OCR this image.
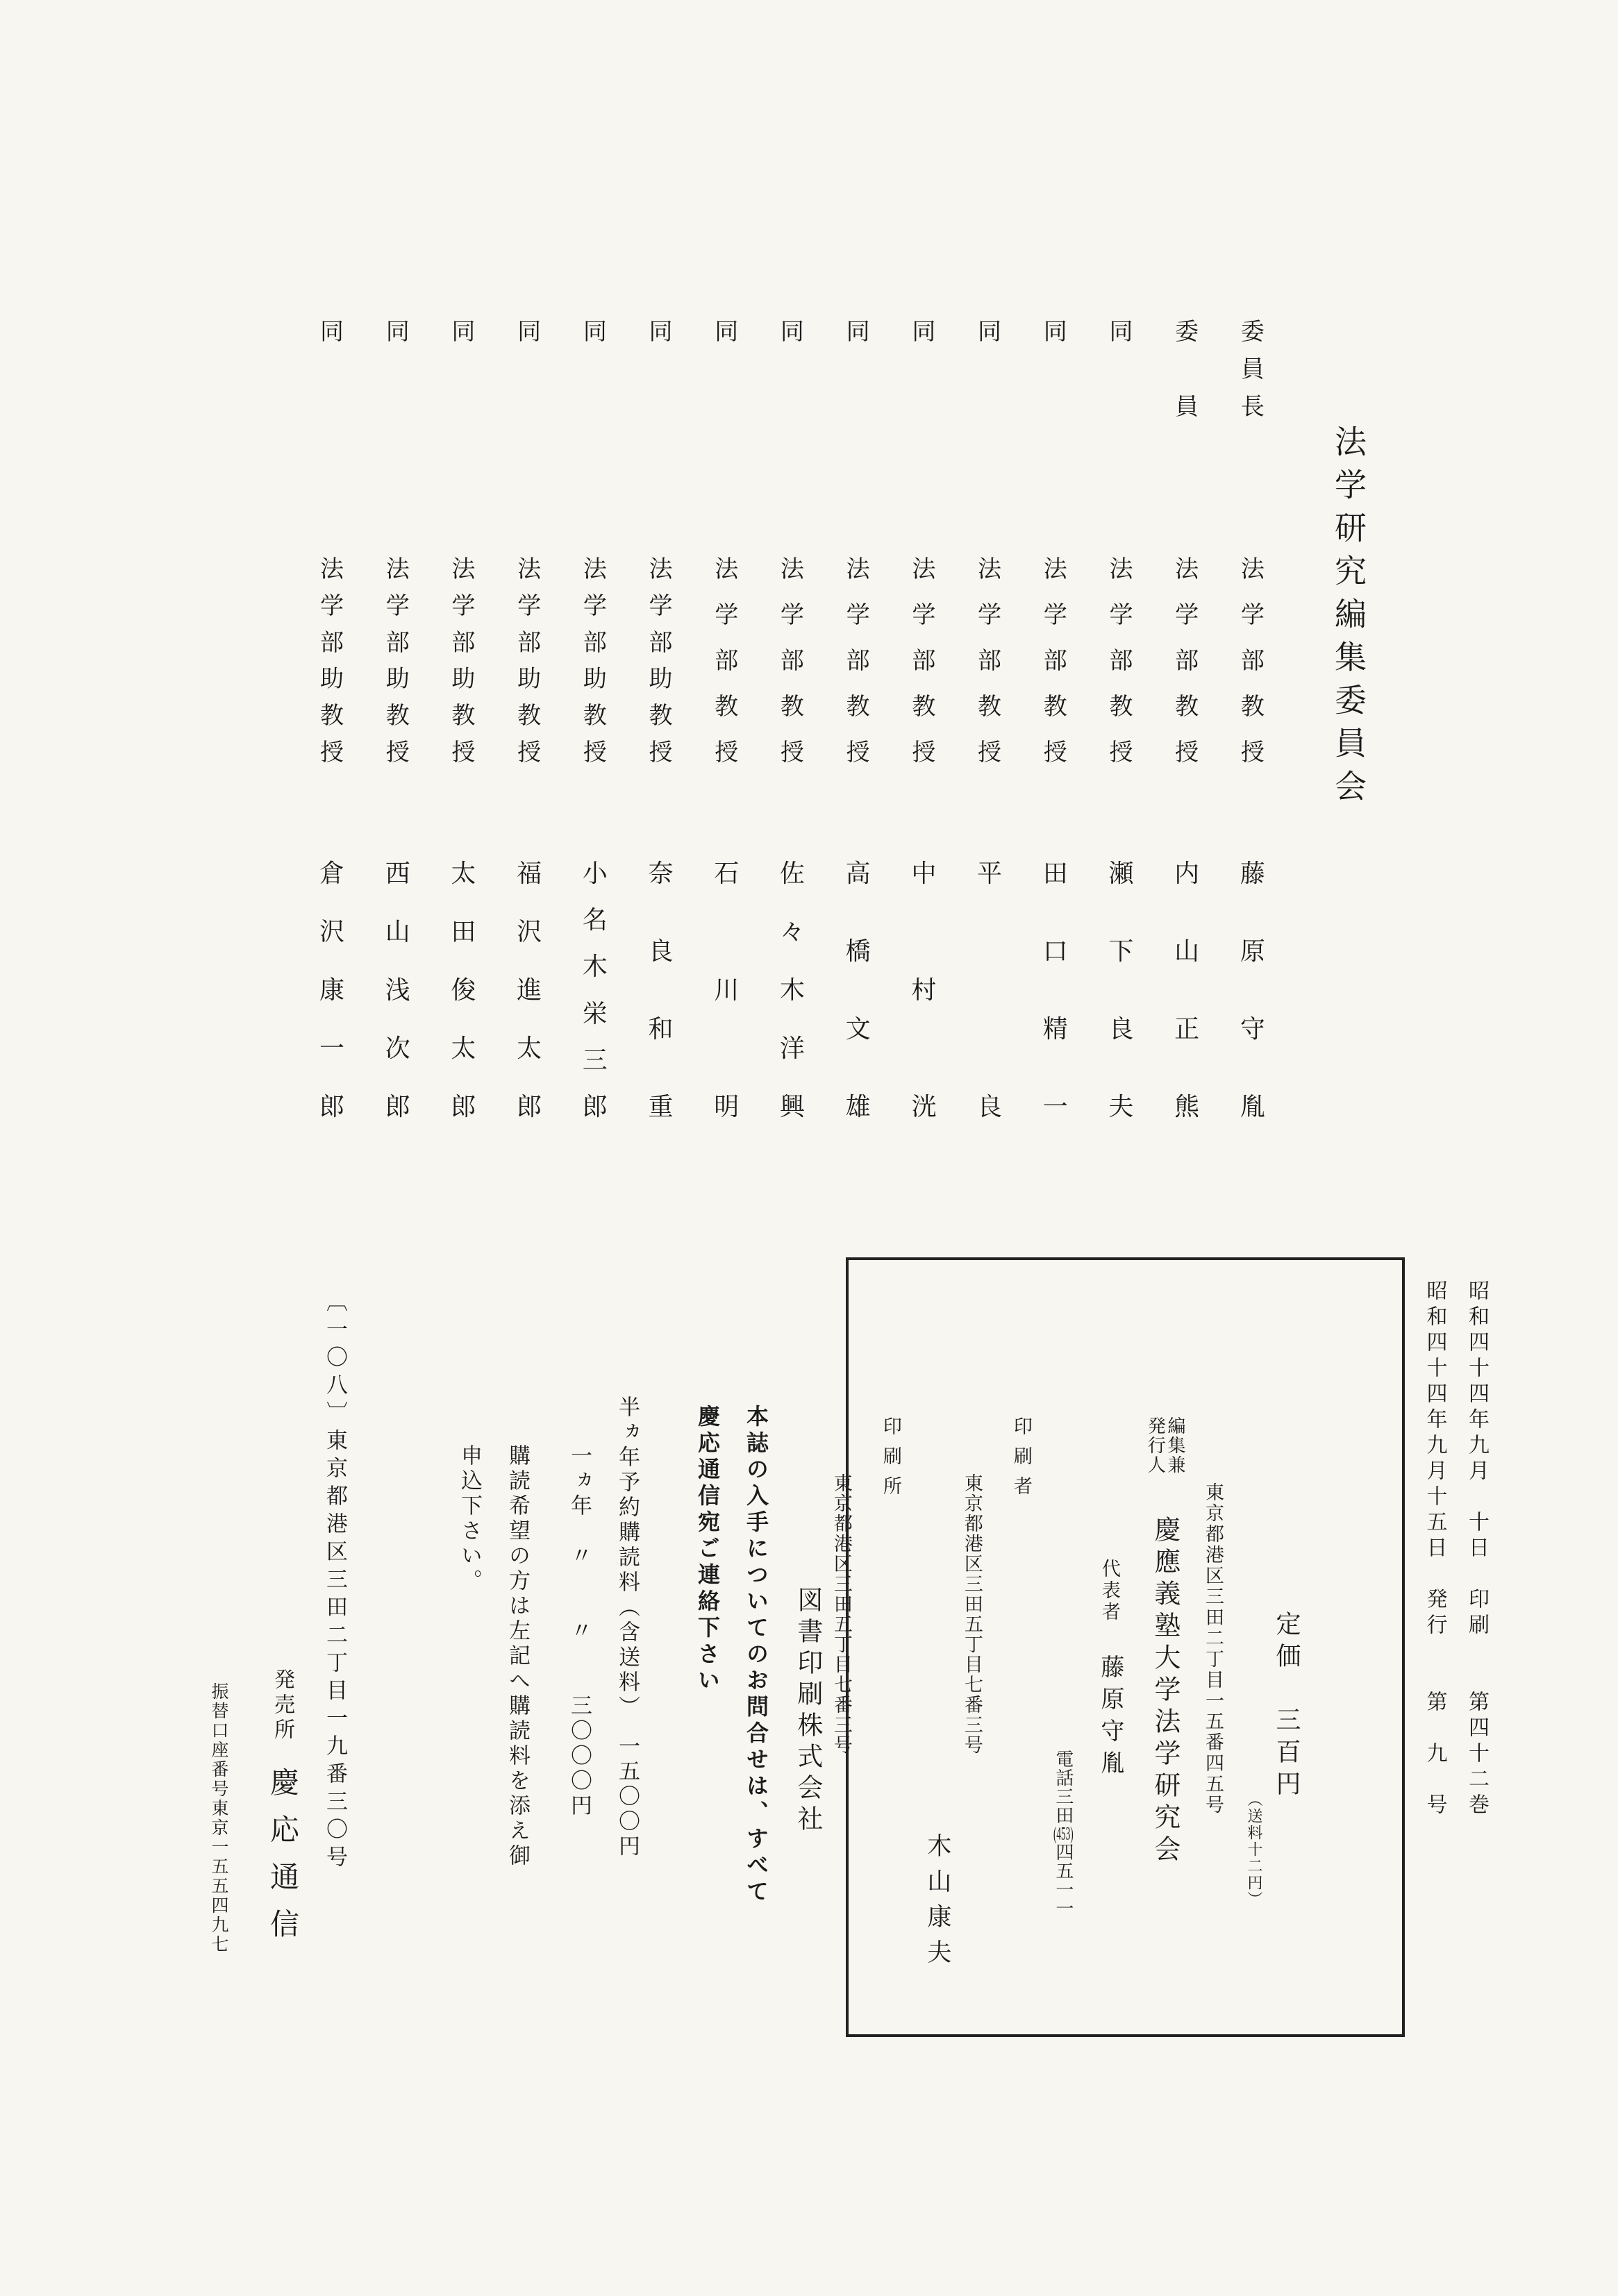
法学研究編集委員会
委
員
長
法
学
部
教
授
藤
原
守
胤
委
員
法
学
部
教
授
内
山
正
熊
同
法
学
部
教
授
瀬
下
良
夫
同
法
学
部
教
授
田
口
精
一
同
法
学
部
教
授
平
良
同
法
学
部
教
授
中
村
洸
同
法
学
部
教
授
高
橋
文
雄
同
法
学
部
教
授
佐
々
木
洋
興
同
法
学
部
教
授
石
川
明
同
法
学
部
助
教
授
奈
良
和
重
同
法
学
部
助
教
授
小
名
木
栄
三
郎
同
法
学
部
助
教
授
福
沢
進
太
郎
同
法
学
部
助
教
授
太
田
俊
太
郎
同
法
学
部
助
教
授
西
山
浅
次
郎
同
法
学
部
助
教
授
倉
沢
康
一
郎
昭和四十四年九月　十日　印刷　　第四十二巻
昭和四十四年九月十五日　発行　　第　九　号
定価　三百円
（送料十二円）
東京都港区三田二丁目一五番四五号
編集兼発行人
慶應義塾大学法学研究会
代表者
藤原守胤
電話三田(453)四五一一
印刷者
東京都港区三田五丁目七番三号
木山康夫
印刷所
東京都港区三田五丁目七番三号
図書印刷株式会社
本誌の入手についてのお問合せは、すべて
慶応通信宛ご連絡下さい
半ヵ年予約購読料（含送料）　一五〇〇円
一ヵ年　〃　　〃　　三〇〇〇円
購読希望の方は左記へ購読料を添え御
申込下さい。
〔一〇八〕東京都港区三田二丁目一九番三〇号
発売所
慶応通信
振替口座番号東京一五五四九七
